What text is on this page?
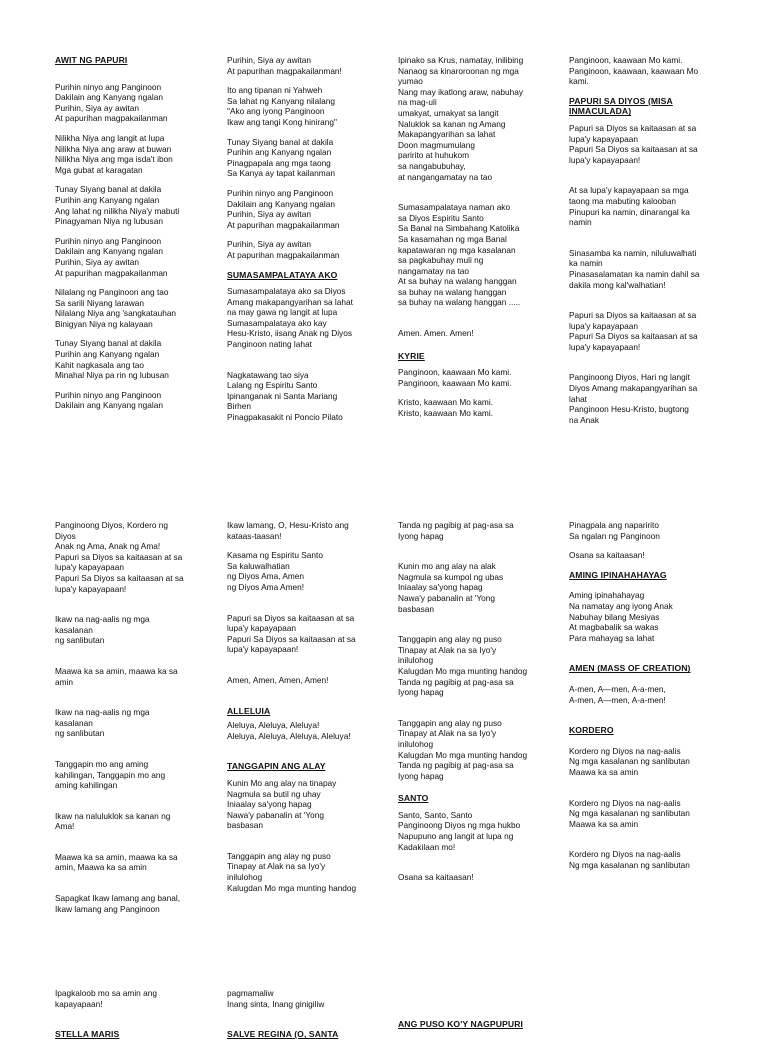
AWIT NG PAPURI
Purihin ninyo ang Panginoon
Dakilain ang Kanyang ngalan
Purihin, Siya ay awitan
At papurihan magpakailanman
Nilikha Niya ang langit at lupa
Nilikha Niya ang araw at buwan
Nilikha Niya ang mga isda't ibon
Mga gubat at karagatan
Tunay Siyang banal at dakila
Purihin ang Kanyang ngalan
Ang lahat ng nilikha Niya'y mabuti
Pinagyaman Niya ng lubusan
Purihin ninyo ang Panginoon
Dakilain ang Kanyang ngalan
Purihin, Siya ay awitan
At papurihan magpakailanman
Nilalang ng Panginoon ang tao
Sa sarili Niyang larawan
Nilalang Niya ang 'sangkatauhan
Binigyan Niya ng kalayaan
Tunay Siyang banal at dakila
Purihin ang Kanyang ngalan
Kahit nagkasala ang tao
Minahal Niya pa rin ng lubusan
Purihin ninyo ang Panginoon
Dakilain ang Kanyang ngalan
Purihin, Siya ay awitan
At papurihan magpakailanman!
Ito ang tipanan ni Yahweh
Sa lahat ng Kanyang nilalang
"Ako ang iyong Panginoon
Ikaw ang tangi Kong hinirang"
Tunay Siyang banal at dakila
Purihin ang Kanyang ngalan
Pinagpapala ang mga taong
Sa Kanya ay tapat kailanman
Purihin ninyo ang Panginoon
Dakilain ang Kanyang ngalan
Purihin, Siya ay awitan
At papurihan magpakailanman
Purihin, Siya ay awitan
At papurihan magpakailanman
SUMASAMPALATAYA AKO
Sumasampalataya ako sa Diyos
Amang makapangyarihan sa lahat
na may gawa ng langit at lupa
Sumasampalataya ako kay
Hesu-Kristo, iisang Anak ng Diyos
Panginoon nating lahat
Nagkatawang tao siya
Lalang ng Espiritu Santo
Ipinanganak ni Santa Mariang
Birhen
Pinagpakasakit ni Poncio Pilato
Ipinako sa Krus, namatay, inilibing
Nanaog sa kinaroroonan ng mga
yumao
Nang may ikatlong araw, nabuhay
na mag-uli
umakyat, umakyat sa langit
Naluklok sa kanan ng Amang
Makapangyarihan sa lahat
Doon magmumulang
paririto at huhukom
sa nangabubuhay,
at nangangamatay na tao
Sumasampalataya naman ako
sa Diyos Espiritu Santo
Sa Banal na Simbahang Katolika
Sa kasamahan ng mga Banal
kapatawaran ng mga kasalanan
sa pagkabuhay muli ng
nangamatay na tao
At sa buhay na walang hanggan
sa buhay na walang hanggan
sa buhay na walang hanggan .....
Amen. Amen. Amen!
KYRIE
Panginoon, kaawaan Mo kami.
Panginoon, kaawaan Mo kami.
Kristo, kaawaan Mo kami.
Kristo, kaawaan Mo kami.
Panginoon, kaawaan Mo kami.
Panginoon, kaawaan, kaawaan Mo
kami.
PAPURI SA DIYOS (MISA
INMACULADA)
Papuri sa Diyos sa kaitaasan at sa
lupa'y kapayapaan
Papuri Sa Diyos sa kaitaasan at sa
lupa'y kapayapaan!
At sa lupa'y kapayapaan sa mga
taong ma mabuting kalooban
Pinupuri ka namin, dinarangal ka
namin
Sinasamba ka namin, niluluwalhati
ka namin
Pinasasalamatan ka namin dahil sa
dakila mong kal'walhatian!
Papuri sa Diyos sa kaitaasan at sa
lupa'y kapayapaan
Papuri Sa Diyos sa kaitaasan at sa
lupa'y kapayapaan!
Panginoong Diyos, Hari ng langit
Diyos Amang makapangyarihan sa
lahat
Panginoon Hesu-Kristo, bugtong
na Anak
Panginoong Diyos, Kordero ng
Diyos
Anak ng Ama, Anak ng Ama!
Papuri sa Diyos sa kaitaasan at sa
lupa'y kapayapaan
Papuri Sa Diyos sa kaitaasan at sa
lupa'y kapayapaan!
Ikaw na nag-aalis ng mga
kasalanan
ng sanlibutan
Maawa ka sa amin, maawa ka sa
amin
Ikaw na nag-aalis ng mga
kasalanan
ng sanlibutan
Tanggapin mo ang aming
kahilingan, Tanggapin mo ang
aming kahilingan
Ikaw na naluluklok sa kanan ng
Ama!
Maawa ka sa amin, maawa ka sa
amin, Maawa ka sa amin
Sapagkat Ikaw lamang ang banal,
Ikaw lamang ang Panginoon
Ikaw lamang, O, Hesu-Kristo ang
kataas-taasan!
Kasama ng Espiritu Santo
Sa kaluwalhatian
ng Diyos Ama, Amen
ng Diyos Ama Amen!
Papuri sa Diyos sa kaitaasan at sa
lupa'y kapayapaan
Papuri Sa Diyos sa kaitaasan at sa
lupa'y kapayapaan!
Amen, Amen, Amen, Amen!
ALLELUIA
Aleluya, Aleluya, Aleluya!
Aleluya, Aleluya, Aleluya, Aleluya!
TANGGAPIN ANG ALAY
Kunin Mo ang alay na tinapay
Nagmula sa butil ng uhay
Iniaalay sa'yong hapag
Nawa'y pabanalin at 'Yong
basbasan
Tanggapin ang alay ng puso
Tinapay at Alak na sa Iyo'y
inilulohog
Kalugdan Mo mga munting handog
Tanda ng pagibig at pag-asa sa
Iyong hapag
Kunin mo ang alay na alak
Nagmula sa kumpol ng ubas
Iniaalay sa'yong hapag
Nawa'y pabanalin at 'Yong
basbasan
Tanggapin ang alay ng puso
Tinapay at Alak na sa Iyo'y
inilulohog
Kalugdan Mo mga munting handog
Tanda ng pagibig at pag-asa sa
Iyong hapag
Tanggapin ang alay ng puso
Tinapay at Alak na sa Iyo'y
inilulohog
Kalugdan Mo mga munting handog
Tanda ng pagibig at pag-asa sa
Iyong hapag
SANTO
Santo, Santo, Santo
Panginoong Diyos ng mga hukbo
Napupuno ang langit at lupa ng
Kadakilaan mo!
Osana sa kaitaasan!
Pinagpala ang naparirito
Sa ngalan ng Panginoon
Osana sa kaitaasan!
AMING IPINAHAHAYAG
Aming ipinahahayag
Na namatay ang iyong Anak
Nabuhay bilang Mesiyas
At magbabalik sa wakas
Para mahayag sa lahat
AMEN (MASS OF CREATION)
A-men, A—men, A-a-men,
A-men, A—men, A-a-men!
KORDERO
Kordero ng Diyos na nag-aalis
Ng mga kasalanan ng sanlibutan
Maawa ka sa amin
Kordero ng Diyos na nag-aalis
Ng mga kasalanan ng sanlibutan
Maawa ka sa amin
Kordero ng Diyos na nag-aalis
Ng mga kasalanan ng sanlibutan
Ipagkaloob mo sa amin ang
kapayapaan!
STELLA MARIS
pagmamaliw
Inang sinta, Inang ginigiliw
SALVE REGINA (O, SANTA
ANG PUSO KO'Y NAGPUPURI
